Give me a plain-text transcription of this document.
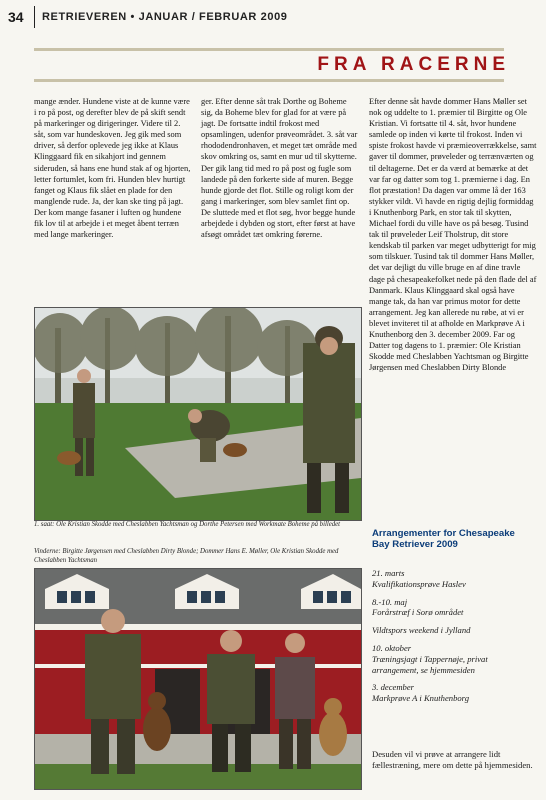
34 RETRIEVEREN • JANUAR / FEBRUAR 2009
FRA RACERNE

mange ænder. Hundene viste at de kunne være i ro på post, og derefter blev de på skift sendt på markeringer og dirigeringer. Videre til 2. såt, som var hundeskoven. Jeg gik med som driver, så derfor oplevede jeg ikke at Klaus Klinggaard fik en sikahjort ind gennem sideruden, så hans ene hund stak af og hjorten, letter fortumlet, kom fri. Hunden blev hurtigt fanget og Klaus fik slået en plade for den manglende rude. Ja, der kan ske ting på jagt. Der kom mange fasaner i luften og hundene fik lov til at arbejde i et meget åbent terræn med lange markeringer.

ger. Efter denne såt trak Dorthe og Boheme sig, da Boheme blev for glad for at være på jagt. De fortsatte indtil frokost med opsamlingen, udenfor prøveområdet. 3. såt var rhododendronhaven, et meget tæt område med skov omkring os, samt en mur ud til skytterne. Der gik lang tid med ro på post og fugle som landede på den forkerte side af muren. Begge hunde gjorde det flot. Stille og roligt kom der gang i markeringer, som blev samlet fint op. De sluttede med et flot søg, hvor begge hunde arbejdede i dybden og stort, efter først at have afsøgt området tæt omkring førerne.

Efter denne såt havde dommer Hans Møller set nok og uddelte to 1. præmier til Birgitte og Ole Kristian. Vi fortsatte til 4. såt, hvor hundene samlede op inden vi kørte til frokost. Inden vi spiste frokost havde vi præmieoverrækkelse, samt gaver til dommer, prøveleder og terrænværten og til deltagerne. Det er da værd at bemærke at det var far og datter som tog 1. præmierne i dag. En flot præstation! Da dagen var omme lå der 163 stykker vildt. Vi havde en rigtig dejlig formiddag i Knuthenborg Park, en stor tak til skytten, Michael fordi du ville have os på besøg. Tusind tak til prøveleder Leif Tholstrup, dit store kendskab til parken var meget udbytterigt for mig som tilskuer. Tusind tak til dommer Hans Møller, det var dejligt du ville bruge en af dine travle dage på chesapeakefolket nede på den flade del af Danmark. Klaus Klinggaard skal også have mange tak, da han var primus motor for dette arrangement. Jeg kan allerede nu røbe, at vi er blevet inviteret til at afholde en Markprøve A i Knuthenborg den 3. december 2009. Far og Datter tog dagens to 1. præmier: Ole Kristian Skodde med Cheslabben Yachtsman og Birgitte Jørgensen med Cheslabben Dirty Blonde

1. saat: Ole Kristian Skodde med Cheslabben Yachtsman og Dorthe Petersen med Workmate Boheme på billedet
Vinderne: Birgitte Jørgensen med Cheslabben Dirty Blonde; Dommer Hans E. Møller, Ole Kristian Skodde med Cheslabben Yachtsman
Arrangementer for Chesapeake Bay Retriever 2009
21. marts
Kvalifikationsprøve Haslev
8.-10. maj
Forårstræf i Sorø området
Vildtspors weekend i Jylland
10. oktober
Træningsjagt i Tappernøje, privat arrangement, se hjemmesiden
3. december
Markprøve A i Knuthenborg
Desuden vil vi prøve at arrangere lidt fællestræning, mere om dette på hjemmesiden.
